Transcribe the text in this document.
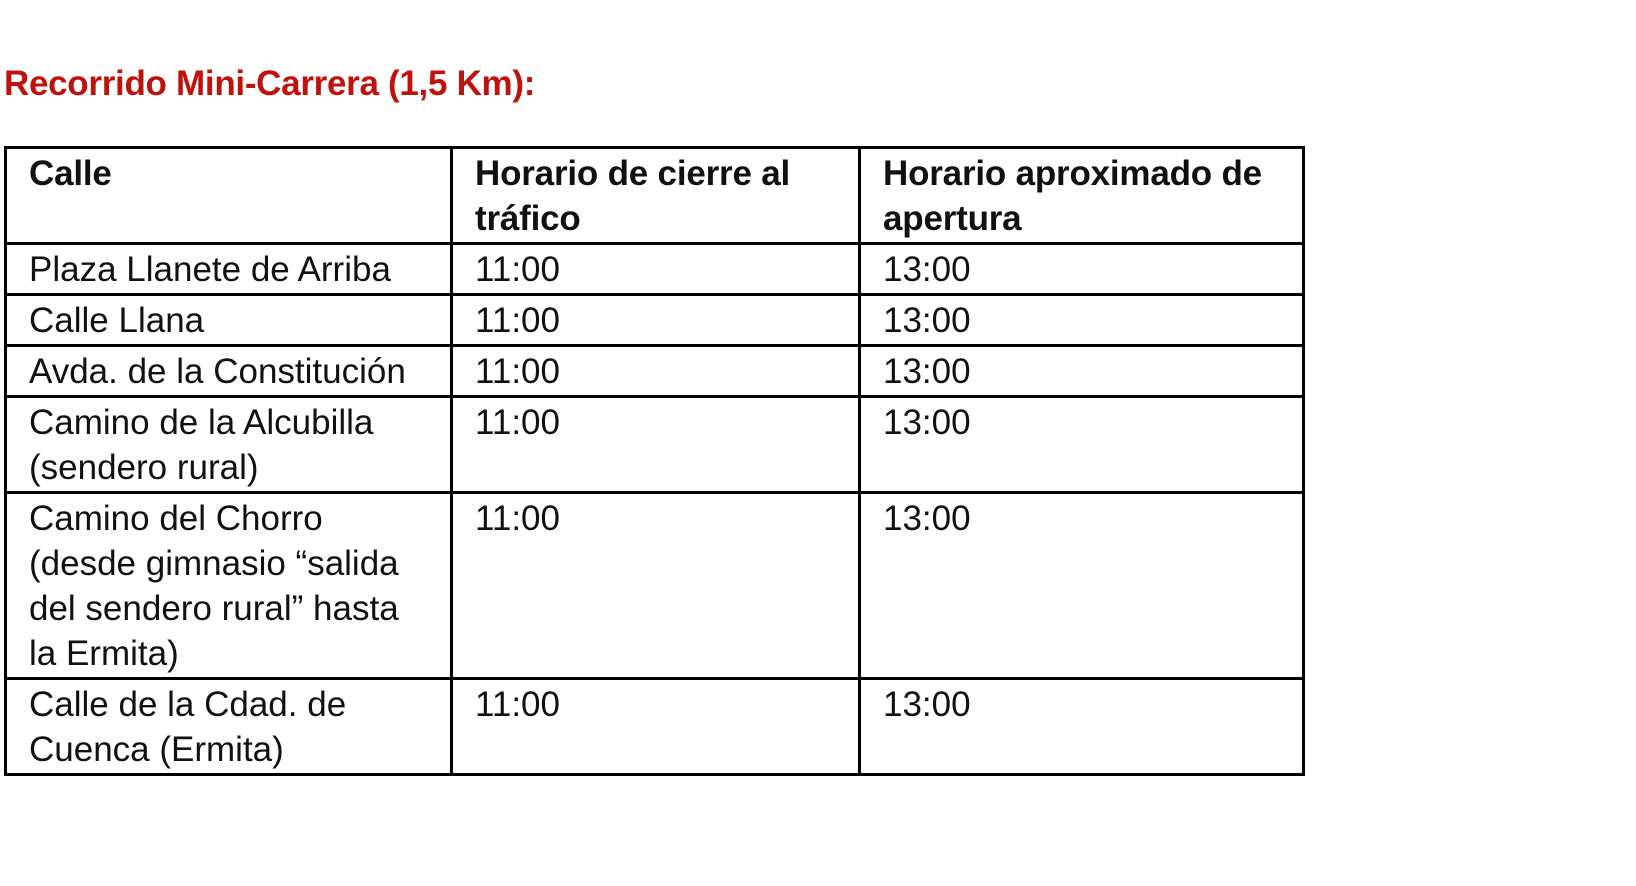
Recorrido Mini-Carrera (1,5 Km):
Calle	Horario de cierre al tráfico	Horario aproximado de apertura
Plaza Llanete de Arriba	11:00	13:00
Calle Llana	11:00	13:00
Avda. de la Constitución	11:00	13:00
Camino de la Alcubilla (sendero rural)	11:00	13:00
Camino del Chorro (desde gimnasio “salida del sendero rural” hasta la Ermita)	11:00	13:00
Calle de la Cdad. de Cuenca (Ermita)	11:00	13:00
